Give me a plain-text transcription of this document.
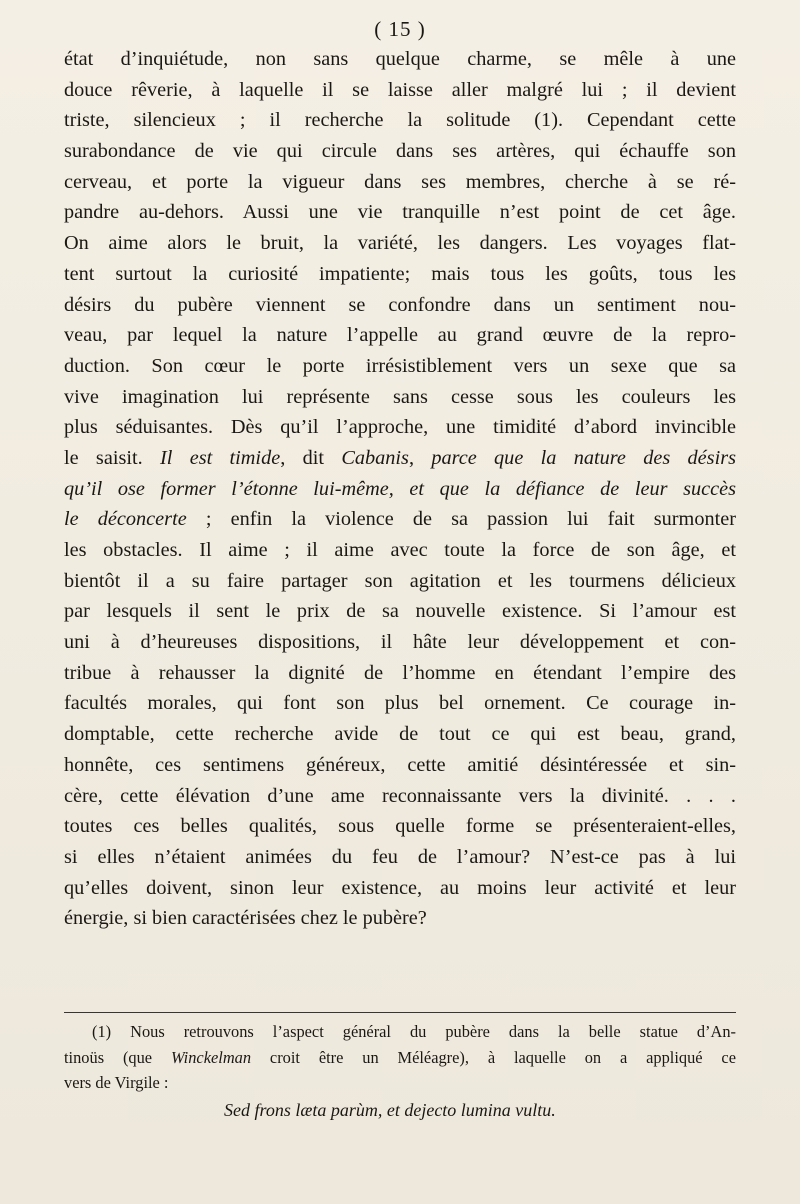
( 15 )
état d’inquiétude, non sans quelque charme, se mêle à une
douce rêverie, à laquelle il se laisse aller malgré lui ; il devient
triste, silencieux ; il recherche la solitude (1). Cependant cette
surabondance de vie qui circule dans ses artères, qui échauffe son
cerveau, et porte la vigueur dans ses membres, cherche à se ré-
pandre au-dehors. Aussi une vie tranquille n’est point de cet âge.
On aime alors le bruit, la variété, les dangers. Les voyages flat-
tent surtout la curiosité impatiente; mais tous les goûts, tous les
désirs du pubère viennent se confondre dans un sentiment nou-
veau, par lequel la nature l’appelle au grand œuvre de la repro-
duction. Son cœur le porte irrésistiblement vers un sexe que sa
vive imagination lui représente sans cesse sous les couleurs les
plus séduisantes. Dès qu’il l’approche, une timidité d’abord invincible
le saisit. Il est timide, dit Cabanis, parce que la nature des désirs
qu’il ose former l’étonne lui-même, et que la défiance de leur succès
le déconcerte ; enfin la violence de sa passion lui fait surmonter
les obstacles. Il aime ; il aime avec toute la force de son âge, et
bientôt il a su faire partager son agitation et les tourmens délicieux
par lesquels il sent le prix de sa nouvelle existence. Si l’amour est
uni à d’heureuses dispositions, il hâte leur développement et con-
tribue à rehausser la dignité de l’homme en étendant l’empire des
facultés morales, qui font son plus bel ornement. Ce courage in-
domptable, cette recherche avide de tout ce qui est beau, grand,
honnête, ces sentimens généreux, cette amitié désintéressée et sin-
cère, cette élévation d’une ame reconnaissante vers la divinité. . . .
toutes ces belles qualités, sous quelle forme se présenteraient-elles,
si elles n’étaient animées du feu de l’amour? N’est-ce pas à lui
qu’elles doivent, sinon leur existence, au moins leur activité et leur
énergie, si bien caractérisées chez le pubère?
(1) Nous retrouvons l’aspect général du pubère dans la belle statue d’An-
tinoüs (que Winckelman croit être un Méléagre), à laquelle on a appliqué ce
vers de Virgile :
Sed frons læta parùm, et dejecto lumina vultu.
